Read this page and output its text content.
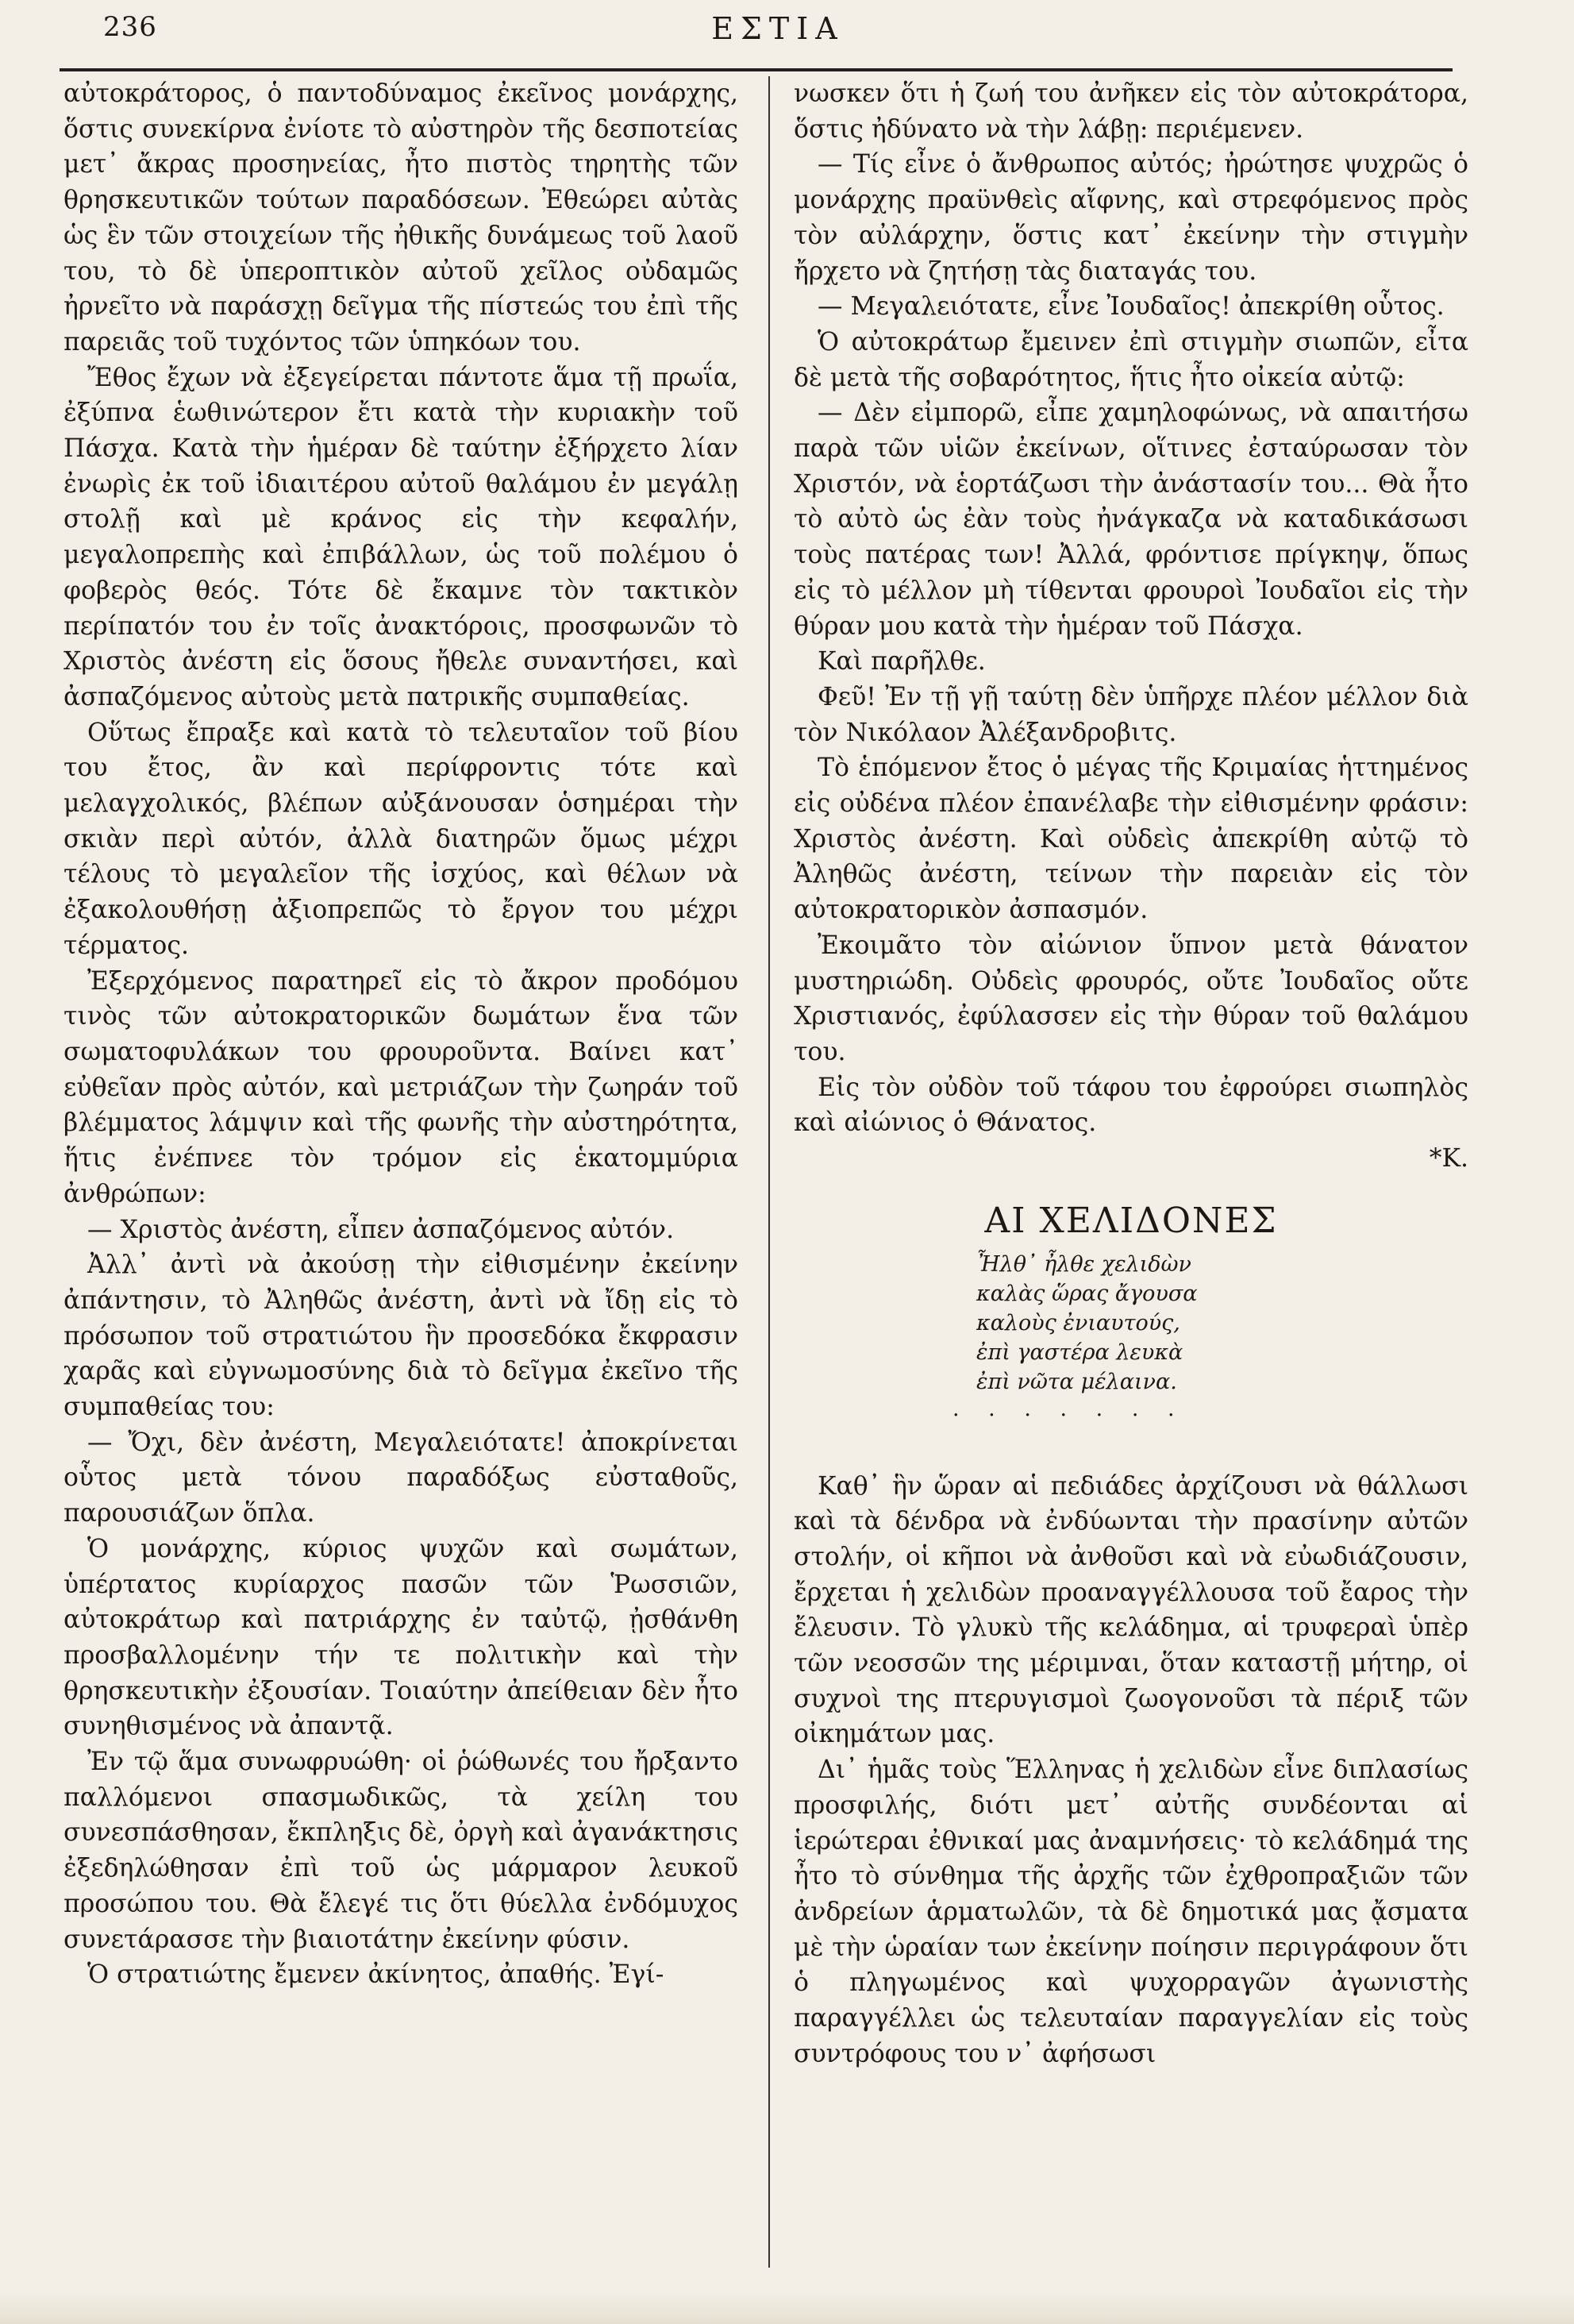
236	ΕΣΤΙΑ

αὐτοκράτορος, ὁ παντοδύναμος ἐκεῖνος μονάρχης, ὅστις συνεκίρνα ἐνίοτε τὸ αὐστηρὸν τῆς δεσποτείας μετ᾽ ἄκρας προσηνείας, ἦτο πιστὸς τηρητὴς τῶν θρησκευτικῶν τούτων παραδόσεων. Ἐθεώρει αὐτὰς ὡς ἓν τῶν στοιχείων τῆς ἠθικῆς δυνάμεως τοῦ λαοῦ του, τὸ δὲ ὑπεροπτικὸν αὐτοῦ χεῖλος οὐδαμῶς ἠρνεῖτο νὰ παράσχῃ δεῖγμα τῆς πίστεώς του ἐπὶ τῆς παρειᾶς τοῦ τυχόντος τῶν ὑπηκόων του.

Ἔθος ἔχων νὰ ἐξεγείρεται πάντοτε ἅμα τῇ πρωΐα, ἐξύπνα ἑωθινώτερον ἔτι κατὰ τὴν κυριακὴν τοῦ Πάσχα. Κατὰ τὴν ἡμέραν δὲ ταύτην ἐξήρχετο λίαν ἐνωρὶς ἐκ τοῦ ἰδιαιτέρου αὐτοῦ θαλάμου ἐν μεγάλῃ στολῇ καὶ μὲ κράνος εἰς τὴν κεφαλήν, μεγαλοπρεπὴς καὶ ἐπιβάλλων, ὡς τοῦ πολέμου ὁ φοβερὸς θεός. Τότε δὲ ἔκαμνε τὸν τακτικὸν περίπατόν του ἐν τοῖς ἀνακτόροις, προσφωνῶν τὸ Χριστὸς ἀνέστη εἰς ὅσους ἤθελε συναντήσει, καὶ ἀσπαζόμενος αὐτοὺς μετὰ πατρικῆς συμπαθείας.

Οὕτως ἔπραξε καὶ κατὰ τὸ τελευταῖον τοῦ βίου του ἔτος, ἂν καὶ περίφροντις τότε καὶ μελαγχολικός, βλέπων αὐξάνουσαν ὁσημέραι τὴν σκιὰν περὶ αὐτόν, ἀλλὰ διατηρῶν ὅμως μέχρι τέλους τὸ μεγαλεῖον τῆς ἰσχύος, καὶ θέλων νὰ ἐξακολουθήσῃ ἀξιοπρεπῶς τὸ ἔργον του μέχρι τέρματος.

Ἐξερχόμενος παρατηρεῖ εἰς τὸ ἄκρον προδόμου τινὸς τῶν αὐτοκρατορικῶν δωμάτων ἕνα τῶν σωματοφυλάκων του φρουροῦντα. Βαίνει κατ᾽ εὐθεῖαν πρὸς αὐτόν, καὶ μετριάζων τὴν ζωηράν τοῦ βλέμματος λάμψιν καὶ τῆς φωνῆς τὴν αὐστηρότητα, ἥτις ἐνέπνεε τὸν τρόμον εἰς ἑκατομμύρια ἀνθρώπων:

— Χριστὸς ἀνέστη, εἶπεν ἀσπαζόμενος αὐτόν.

Ἀλλ᾽ ἀντὶ νὰ ἀκούσῃ τὴν εἰθισμένην ἐκείνην ἀπάντησιν, τὸ Ἀληθῶς ἀνέστη, ἀντὶ νὰ ἴδῃ εἰς τὸ πρόσωπον τοῦ στρατιώτου ἣν προσεδόκα ἔκφρασιν χαρᾶς καὶ εὐγνωμοσύνης διὰ τὸ δεῖγμα ἐκεῖνο τῆς συμπαθείας του:

— Ὄχι, δὲν ἀνέστη, Μεγαλειότατε! ἀποκρίνεται οὗτος μετὰ τόνου παραδόξως εὐσταθοῦς, παρουσιάζων ὅπλα.

Ὁ μονάρχης, κύριος ψυχῶν καὶ σωμάτων, ὑπέρτατος κυρίαρχος πασῶν τῶν Ῥωσσιῶν, αὐτοκράτωρ καὶ πατριάρχης ἐν ταὐτῷ, ᾐσθάνθη προσβαλλομένην τήν τε πολιτικὴν καὶ τὴν θρησκευτικὴν ἐξουσίαν. Τοιαύτην ἀπείθειαν δὲν ἦτο συνηθισμένος νὰ ἀπαντᾷ.

Ἐν τῷ ἅμα συνωφρυώθη· οἱ ῥώθωνές του ἤρξαντο παλλόμενοι σπασμωδικῶς, τὰ χείλη του συνεσπάσθησαν, ἔκπληξις δὲ, ὀργὴ καὶ ἀγανάκτησις ἐξεδηλώθησαν ἐπὶ τοῦ ὡς μάρμαρον λευκοῦ προσώπου του. Θὰ ἔλεγέ τις ὅτι θύελλα ἐνδόμυχος συνετάρασσε τὴν βιαιοτάτην ἐκείνην φύσιν.

Ὁ στρατιώτης ἔμενεν ἀκίνητος, ἀπαθής. Ἐγί-

νωσκεν ὅτι ἡ ζωή του ἀνῆκεν εἰς τὸν αὐτοκράτορα, ὅστις ἠδύνατο νὰ τὴν λάβῃ: περιέμενεν.

— Τίς εἶνε ὁ ἄνθρωπος αὐτός; ἠρώτησε ψυχρῶς ὁ μονάρχης πραϋνθεὶς αἴφνης, καὶ στρεφόμενος πρὸς τὸν αὐλάρχην, ὅστις κατ᾽ ἐκείνην τὴν στιγμὴν ἤρχετο νὰ ζητήσῃ τὰς διαταγάς του.

— Μεγαλειότατε, εἶνε Ἰουδαῖος! ἀπεκρίθη οὗτος.

Ὁ αὐτοκράτωρ ἔμεινεν ἐπὶ στιγμὴν σιωπῶν, εἶτα δὲ μετὰ τῆς σοβαρότητος, ἥτις ἦτο οἰκεία αὐτῷ:

— Δὲν εἰμπορῶ, εἶπε χαμηλοφώνως, νὰ απαιτήσω παρὰ τῶν υἱῶν ἐκείνων, οἵτινες ἐσταύρωσαν τὸν Χριστόν, νὰ ἑορτάζωσι τὴν ἀνάστασίν του... Θὰ ἦτο τὸ αὐτὸ ὡς ἐὰν τοὺς ἠνάγκαζα νὰ καταδικάσωσι τοὺς πατέρας των! Ἀλλά, φρόντισε πρίγκηψ, ὅπως εἰς τὸ μέλλον μὴ τίθενται φρουροὶ Ἰουδαῖοι εἰς τὴν θύραν μου κατὰ τὴν ἡμέραν τοῦ Πάσχα.

Καὶ παρῆλθε.

Φεῦ! Ἐν τῇ γῇ ταύτῃ δὲν ὑπῆρχε πλέον μέλλον διὰ τὸν Νικόλαον Ἀλέξανδροβιτς.

Τὸ ἑπόμενον ἔτος ὁ μέγας τῆς Κριμαίας ἡττημένος εἰς οὐδένα πλέον ἐπανέλαβε τὴν εἰθισμένην φράσιν: Χριστὸς ἀνέστη. Καὶ οὐδεὶς ἀπεκρίθη αὐτῷ τὸ Ἀληθῶς ἀνέστη, τείνων τὴν παρειὰν εἰς τὸν αὐτοκρατορικὸν ἀσπασμόν.

Ἐκοιμᾶτο τὸν αἰώνιον ὕπνον μετὰ θάνατον μυστηριώδη. Οὐδεὶς φρουρός, οὔτε Ἰουδαῖος οὔτε Χριστιανός, ἐφύλασσεν εἰς τὴν θύραν τοῦ θαλάμου του.

Εἰς τὸν οὐδὸν τοῦ τάφου του ἐφρούρει σιωπηλὸς καὶ αἰώνιος ὁ Θάνατος.

*Κ.

ΑΙ ΧΕΛΙΔΟΝΕΣ
Ἦλθ᾽ ἦλθε χελιδὼν
καλὰς ὥρας ἄγουσα
καλοὺς ἐνιαυτούς,
ἐπὶ γαστέρα λευκὰ
ἐπὶ νῶτα μέλαινα.
· · · · · · ·

Καθ᾽ ἣν ὥραν αἱ πεδιάδες ἀρχίζουσι νὰ θάλλωσι καὶ τὰ δένδρα νὰ ἐνδύωνται τὴν πρασίνην αὐτῶν στολήν, οἱ κῆποι νὰ ἀνθοῦσι καὶ νὰ εὐωδιάζουσιν, ἔρχεται ἡ χελιδὼν προαναγγέλλουσα τοῦ ἔαρος τὴν ἔλευσιν. Τὸ γλυκὺ τῆς κελάδημα, αἱ τρυφεραὶ ὑπὲρ τῶν νεοσσῶν της μέριμναι, ὅταν καταστῇ μήτηρ, οἱ συχνοὶ της πτερυγισμοὶ ζωογονοῦσι τὰ πέριξ τῶν οἰκημάτων μας.

Δι᾽ ἡμᾶς τοὺς Ἕλληνας ἡ χελιδὼν εἶνε διπλασίως προσφιλής, διότι μετ᾽ αὐτῆς συνδέονται αἱ ἱερώτεραι ἐθνικαί μας ἀναμνήσεις· τὸ κελάδημά της ἦτο τὸ σύνθημα τῆς ἀρχῆς τῶν ἐχθροπραξιῶν τῶν ἀνδρείων ἁρματωλῶν, τὰ δὲ δημοτικά μας ᾄσματα μὲ τὴν ὡραίαν των ἐκείνην ποίησιν περιγράφουν ὅτι ὁ πληγωμένος καὶ ψυχορραγῶν ἀγωνιστὴς παραγγέλλει ὡς τελευταίαν παραγγελίαν εἰς τοὺς συντρόφους του ν᾽ ἀφήσωσι
